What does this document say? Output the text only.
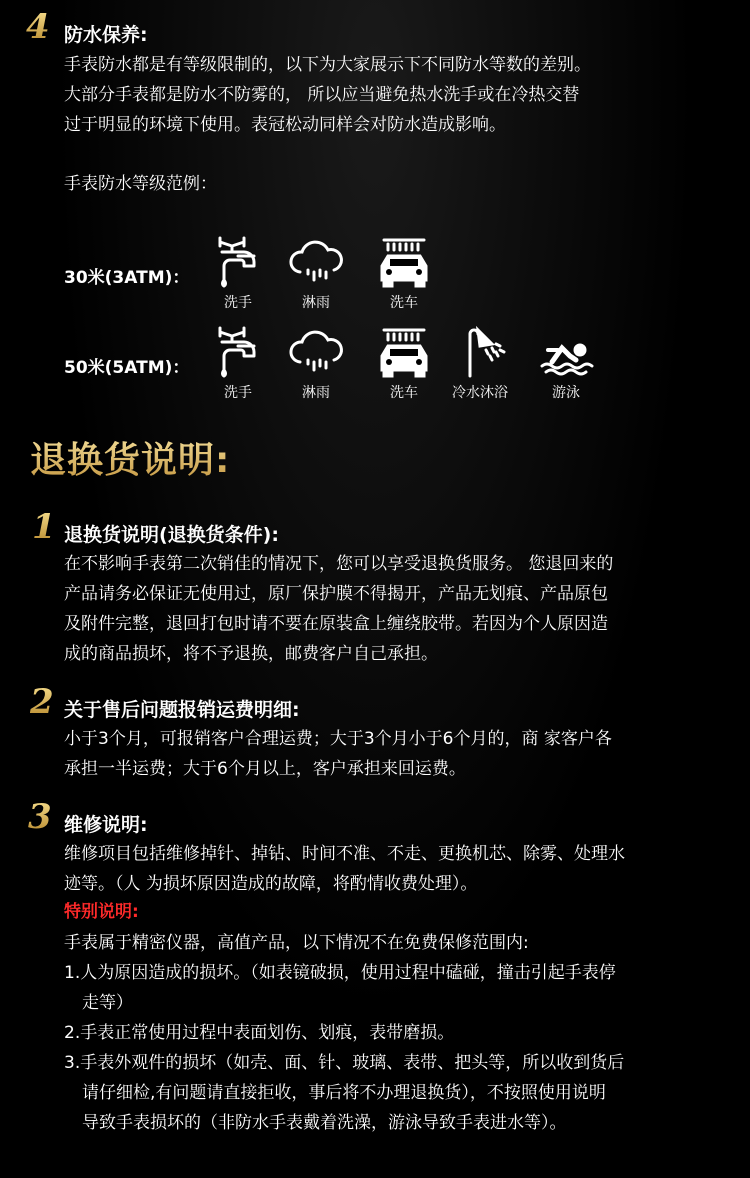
4 防水保养:
手表防水都是有等级限制的，以下为大家展示下不同防水等数的差别。
大部分手表都是防水不防雾的， 所以应当避免热水洗手或在冷热交替
过于明显的环境下使用。表冠松动同样会对防水造成影响。
手表防水等级范例：
30米(3ATM)：
洗手	淋雨	洗车
50米(5ATM)：
洗手	淋雨	洗车	冷水沐浴	游泳
退换货说明:
1 退换货说明(退换货条件):
在不影响手表第二次销佳的情况下，您可以享受退换货服务。 您退回来的
产品请务必保证无使用过，原厂保护膜不得揭开，产品无划痕、产品原包
及附件完整，退回打包时请不要在原装盒上缠绕胶带。若因为个人原因造
成的商品损坏，将不予退换，邮费客户自己承担。
2 关于售后问题报销运费明细:
小于3个月，可报销客户合理运费；大于3个月小于6个月的，商 家客户各
承担一半运费；大于6个月以上，客户承担来回运费。
3 维修说明:
维修项目包括维修掉针、掉钻、时间不准、不走、更换机芯、除雾、处理水
迹等。（人 为损坏原因造成的故障，将酌情收费处理）。
特别说明:
手表属于精密仪器，高值产品，以下情况不在免费保修范围内:
1.人为原因造成的损坏。（如表镜破损，使用过程中磕碰，撞击引起手表停
走等）
2.手表正常使用过程中表面划伤、划痕，表带磨损。
3.手表外观件的损坏（如壳、面、针、玻璃、表带、把头等，所以收到货后
请仔细检,有问题请直接拒收，事后将不办理退换货），不按照使用说明
导致手表损坏的（非防水手表戴着洗澡，游泳导致手表进水等）。
